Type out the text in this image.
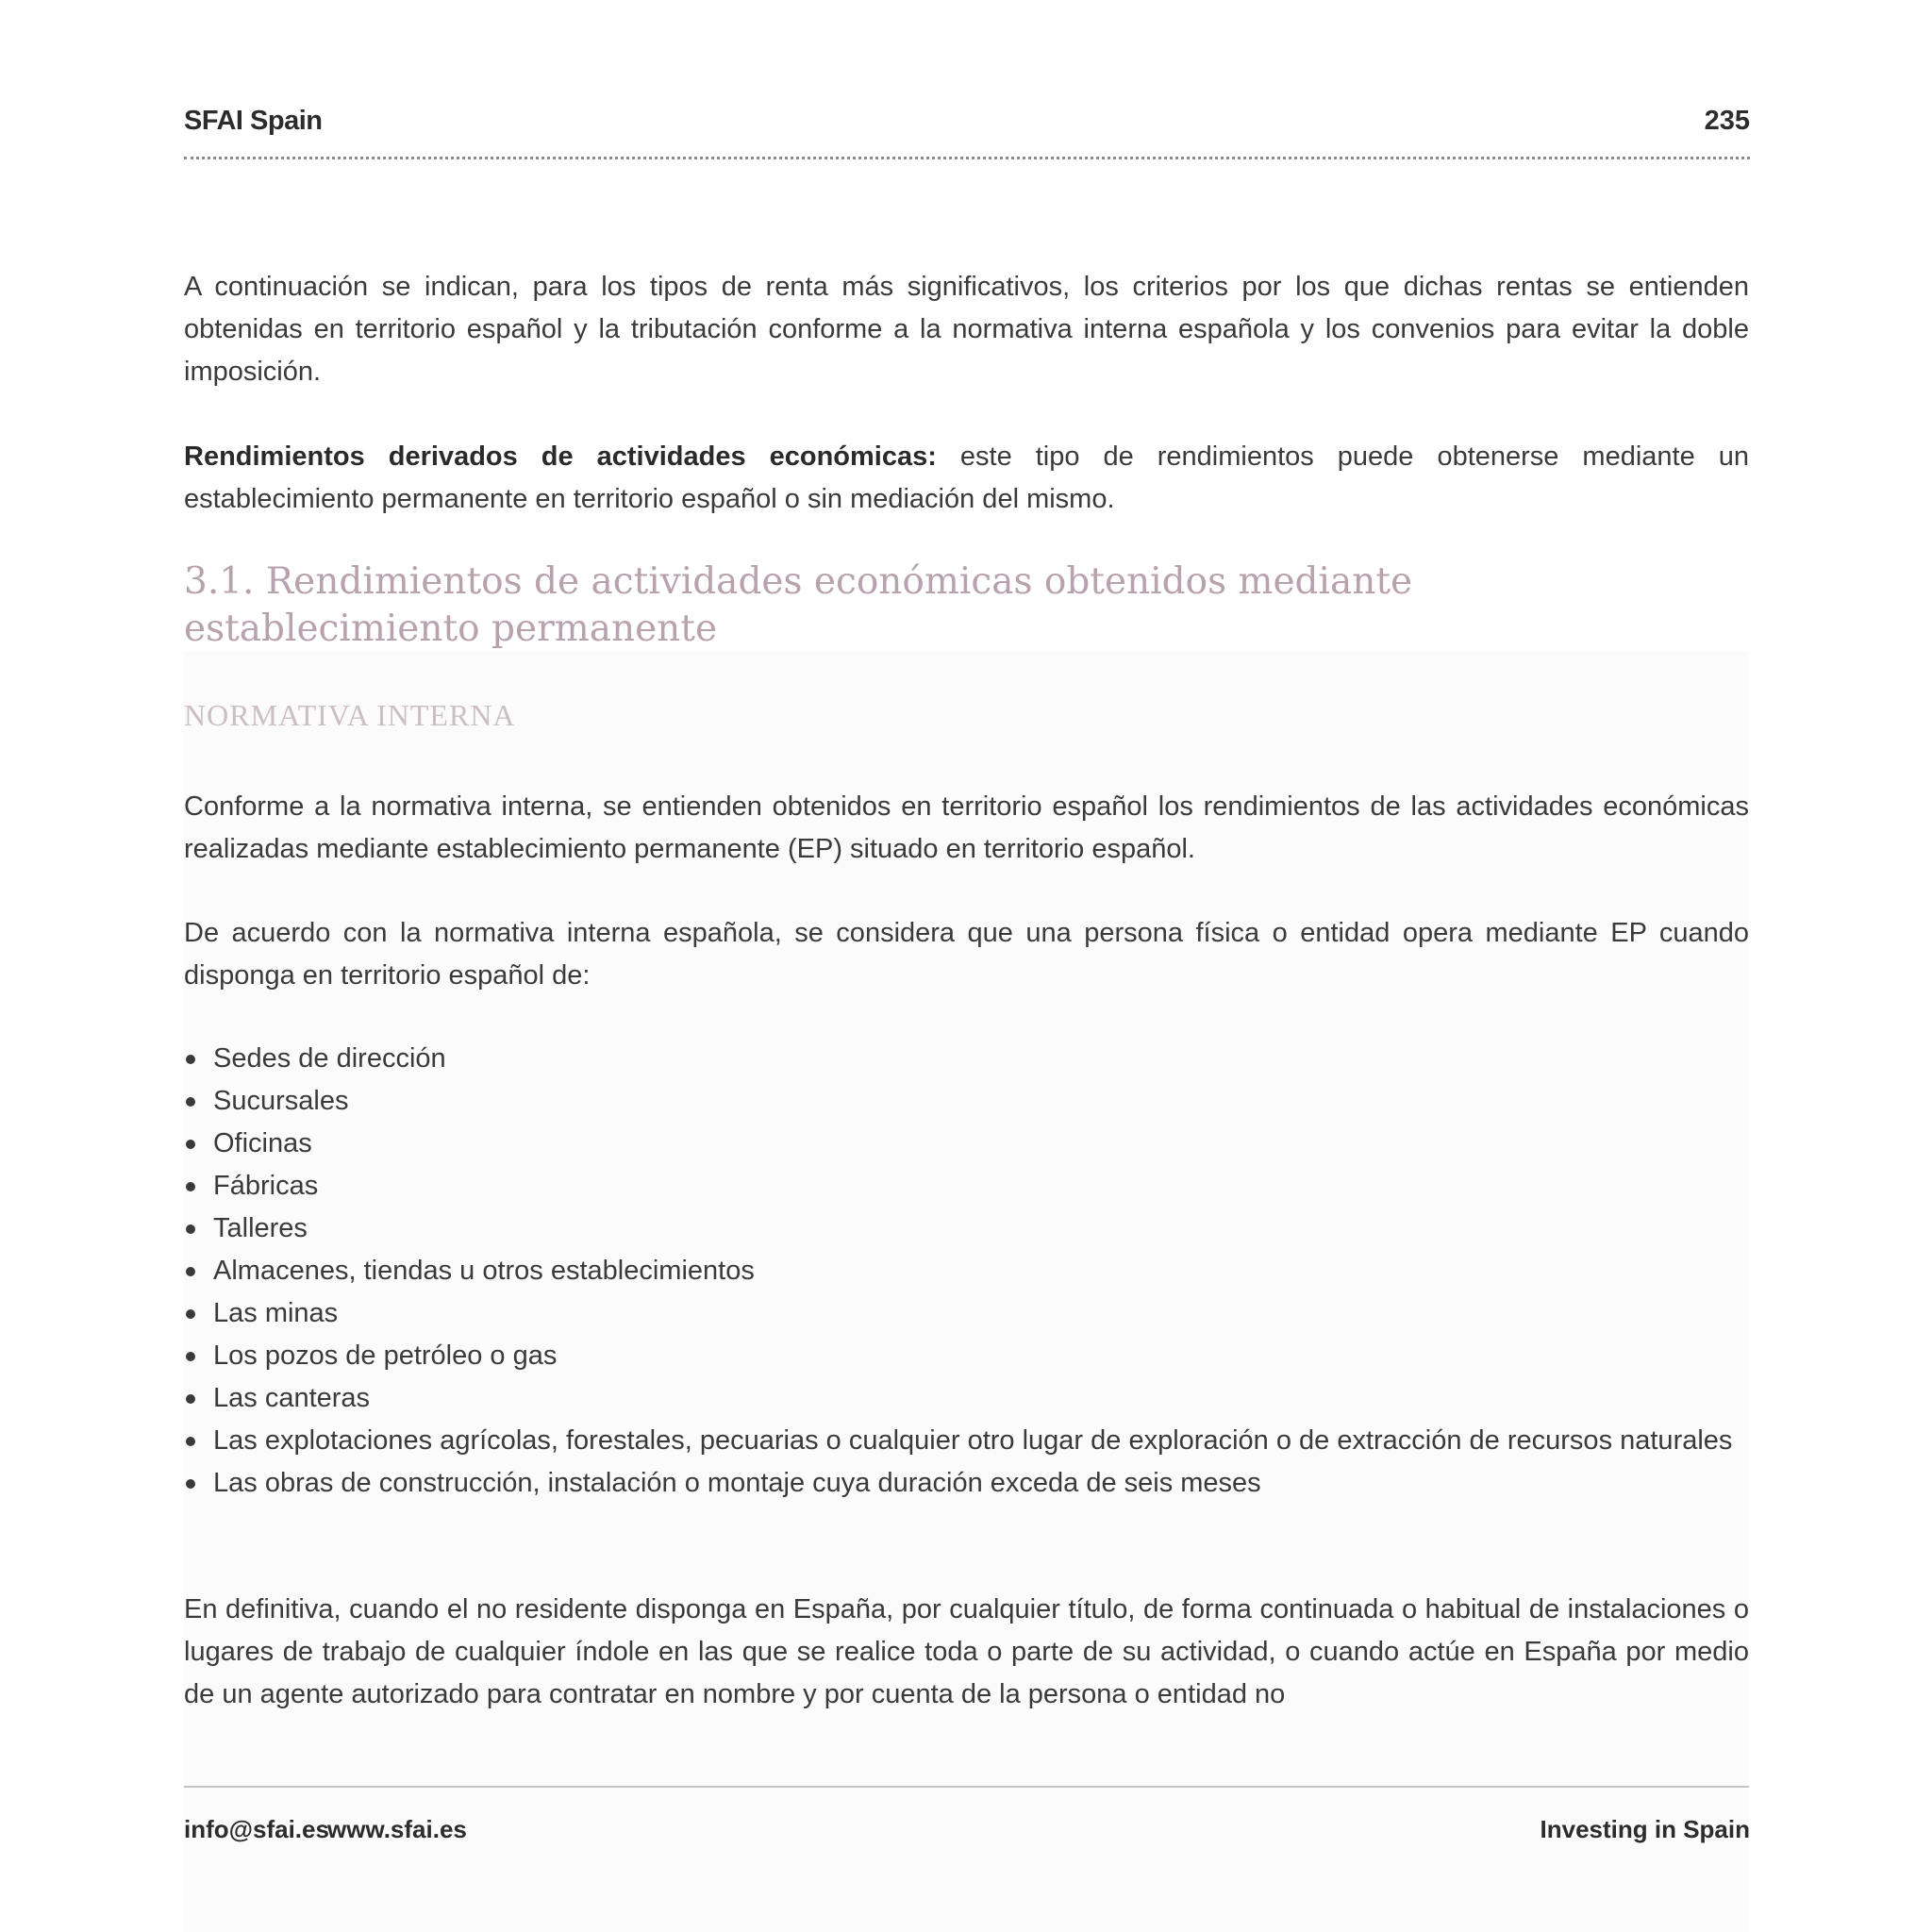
SFAI Spain	235

A continuación se indican, para los tipos de renta más significativos, los criterios por los que dichas rentas se entienden obtenidas en territorio español y la tributación conforme a la normativa interna española y los convenios para evitar la doble imposición.

Rendimientos derivados de actividades económicas: este tipo de rendimientos puede obtenerse mediante un establecimiento permanente en territorio español o sin mediación del mismo.

3.1. Rendimientos de actividades económicas obtenidos mediante
establecimiento permanente
NORMATIVA INTERNA

Conforme a la normativa interna, se entienden obtenidos en territorio español los rendimientos de las actividades económicas realizadas mediante establecimiento permanente (EP) situado en territorio español.

De acuerdo con la normativa interna española, se considera que una persona física o entidad opera mediante EP cuando disponga en territorio español de:

Sedes de dirección
Sucursales
Oficinas
Fábricas
Talleres
Almacenes, tiendas u otros establecimientos
Las minas
Los pozos de petróleo o gas
Las canteras
Las explotaciones agrícolas, forestales, pecuarias o cualquier otro lugar de exploración o de extracción de recursos naturales
Las obras de construcción, instalación o montaje cuya duración exceda de seis meses

En definitiva, cuando el no residente disponga en España, por cualquier título, de forma continuada o habitual de instalaciones o lugares de trabajo de cualquier índole en las que se realice toda o parte de su actividad, o cuando actúe en España por medio de un agente autorizado para contratar en nombre y por cuenta de la persona o entidad no

info@sfai.es
www.sfai.es	Investing in Spain
